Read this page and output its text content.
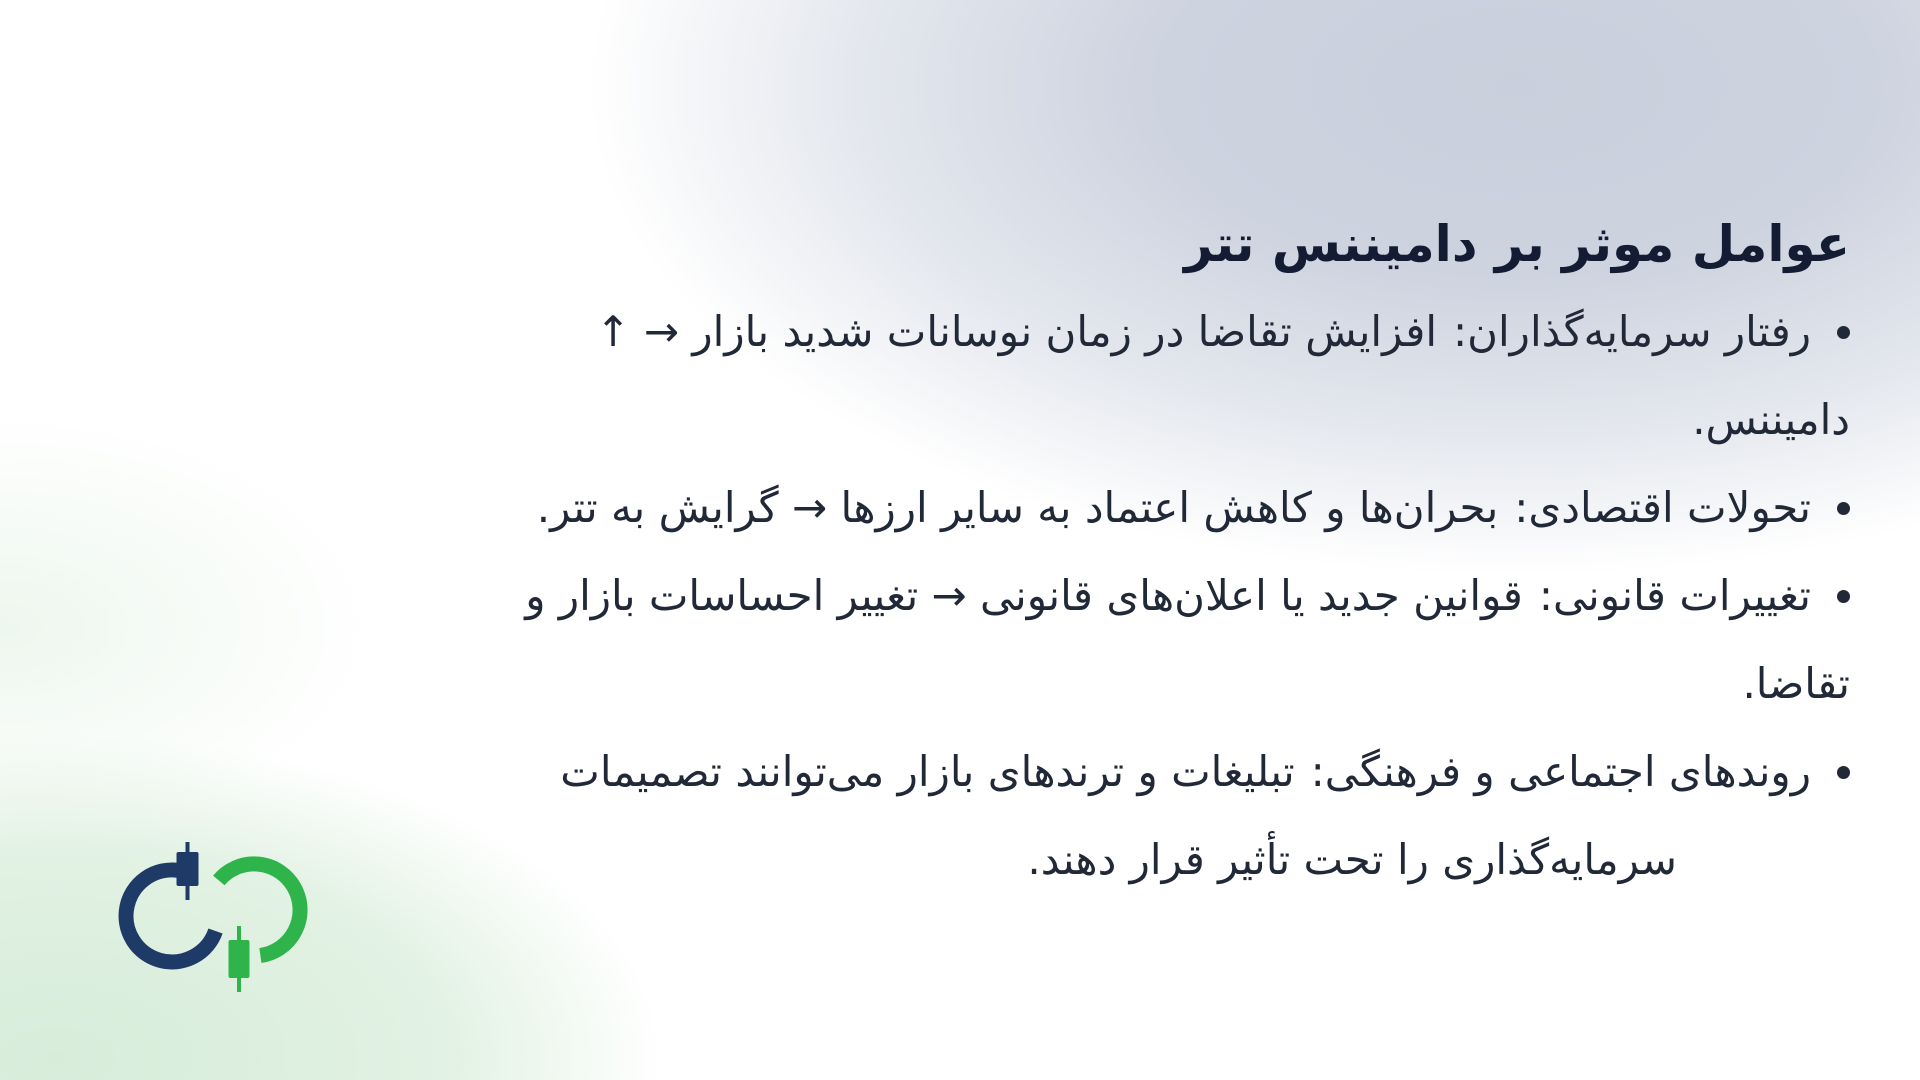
عوامل موثر بر دامیننس تتر

رفتار سرمایه‌گذاران:افزایش تقاضا در زمان نوسانات شدید بازار → ↑

دامیننس.

تحولات اقتصادی:بحران‌ها و کاهش اعتماد به سایر ارزها → گرایش به تتر.

تغییرات قانونی:قوانین جدید یا اعلان‌های قانونی → تغییر احساسات بازار و

تقاضا.

روندهای اجتماعی و فرهنگی:تبلیغات و ترندهای بازار می‌توانند تصمیمات

سرمایه‌گذاری را تحت تأثیر قرار دهند.
